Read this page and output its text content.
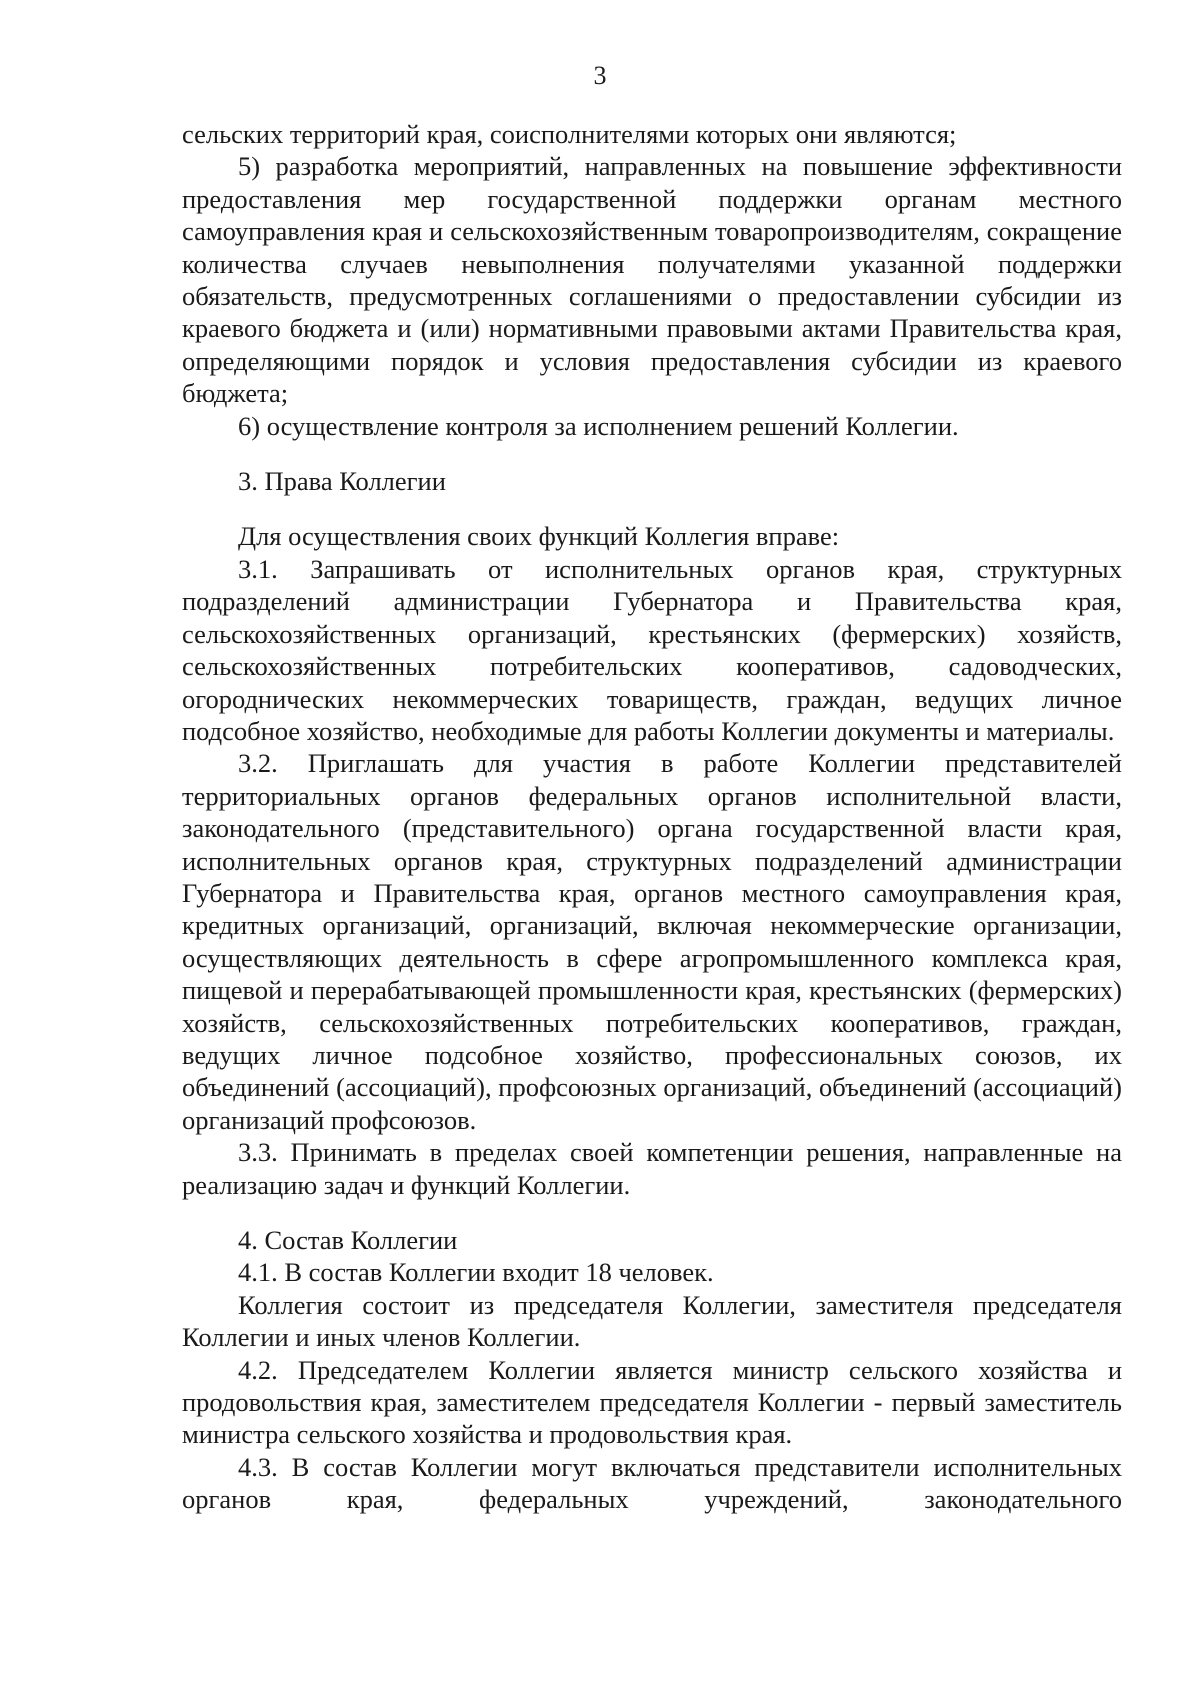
3

сельских территорий края, соисполнителями которых они являются;

5) разработка мероприятий, направленных на повышение эффективности предоставления мер государственной поддержки органам местного самоуправления края и сельскохозяйственным товаропроизводителям, сокращение количества случаев невыполнения получателями указанной поддержки обязательств, предусмотренных соглашениями о предоставлении субсидии из краевого бюджета и (или) нормативными правовыми актами Правительства края, определяющими порядок и условия предоставления субсидии из краевого бюджета;

6) осуществление контроля за исполнением решений Коллегии.

3. Права Коллегии

Для осуществления своих функций Коллегия вправе:

3.1. Запрашивать от исполнительных органов края, структурных подразделений администрации Губернатора и Правительства края, сельскохозяйственных организаций, крестьянских (фермерских) хозяйств, сельскохозяйственных потребительских кооперативов, садоводческих, огороднических некоммерческих товариществ, граждан, ведущих личное подсобное хозяйство, необходимые для работы Коллегии документы и материалы.

3.2. Приглашать для участия в работе Коллегии представителей территориальных органов федеральных органов исполнительной власти, законодательного (представительного) органа государственной власти края, исполнительных органов края, структурных подразделений администрации Губернатора и Правительства края, органов местного самоуправления края, кредитных организаций, организаций, включая некоммерческие организации, осуществляющих деятельность в сфере агропромышленного комплекса края, пищевой и перерабатывающей промышленности края, крестьянских (фермерских) хозяйств, сельскохозяйственных потребительских кооперативов, граждан, ведущих личное подсобное хозяйство, профессиональных союзов, их объединений (ассоциаций), профсоюзных организаций, объединений (ассоциаций) организаций профсоюзов.

3.3. Принимать в пределах своей компетенции решения, направленные на реализацию задач и функций Коллегии.

4. Состав Коллегии

4.1. В состав Коллегии входит 18 человек.

Коллегия состоит из председателя Коллегии, заместителя председателя Коллегии и иных членов Коллегии.

4.2. Председателем Коллегии является министр сельского хозяйства и продовольствия края, заместителем председателя Коллегии - первый заместитель министра сельского хозяйства и продовольствия края.

4.3. В состав Коллегии могут включаться представители исполнительных органов края, федеральных учреждений, законодательного
